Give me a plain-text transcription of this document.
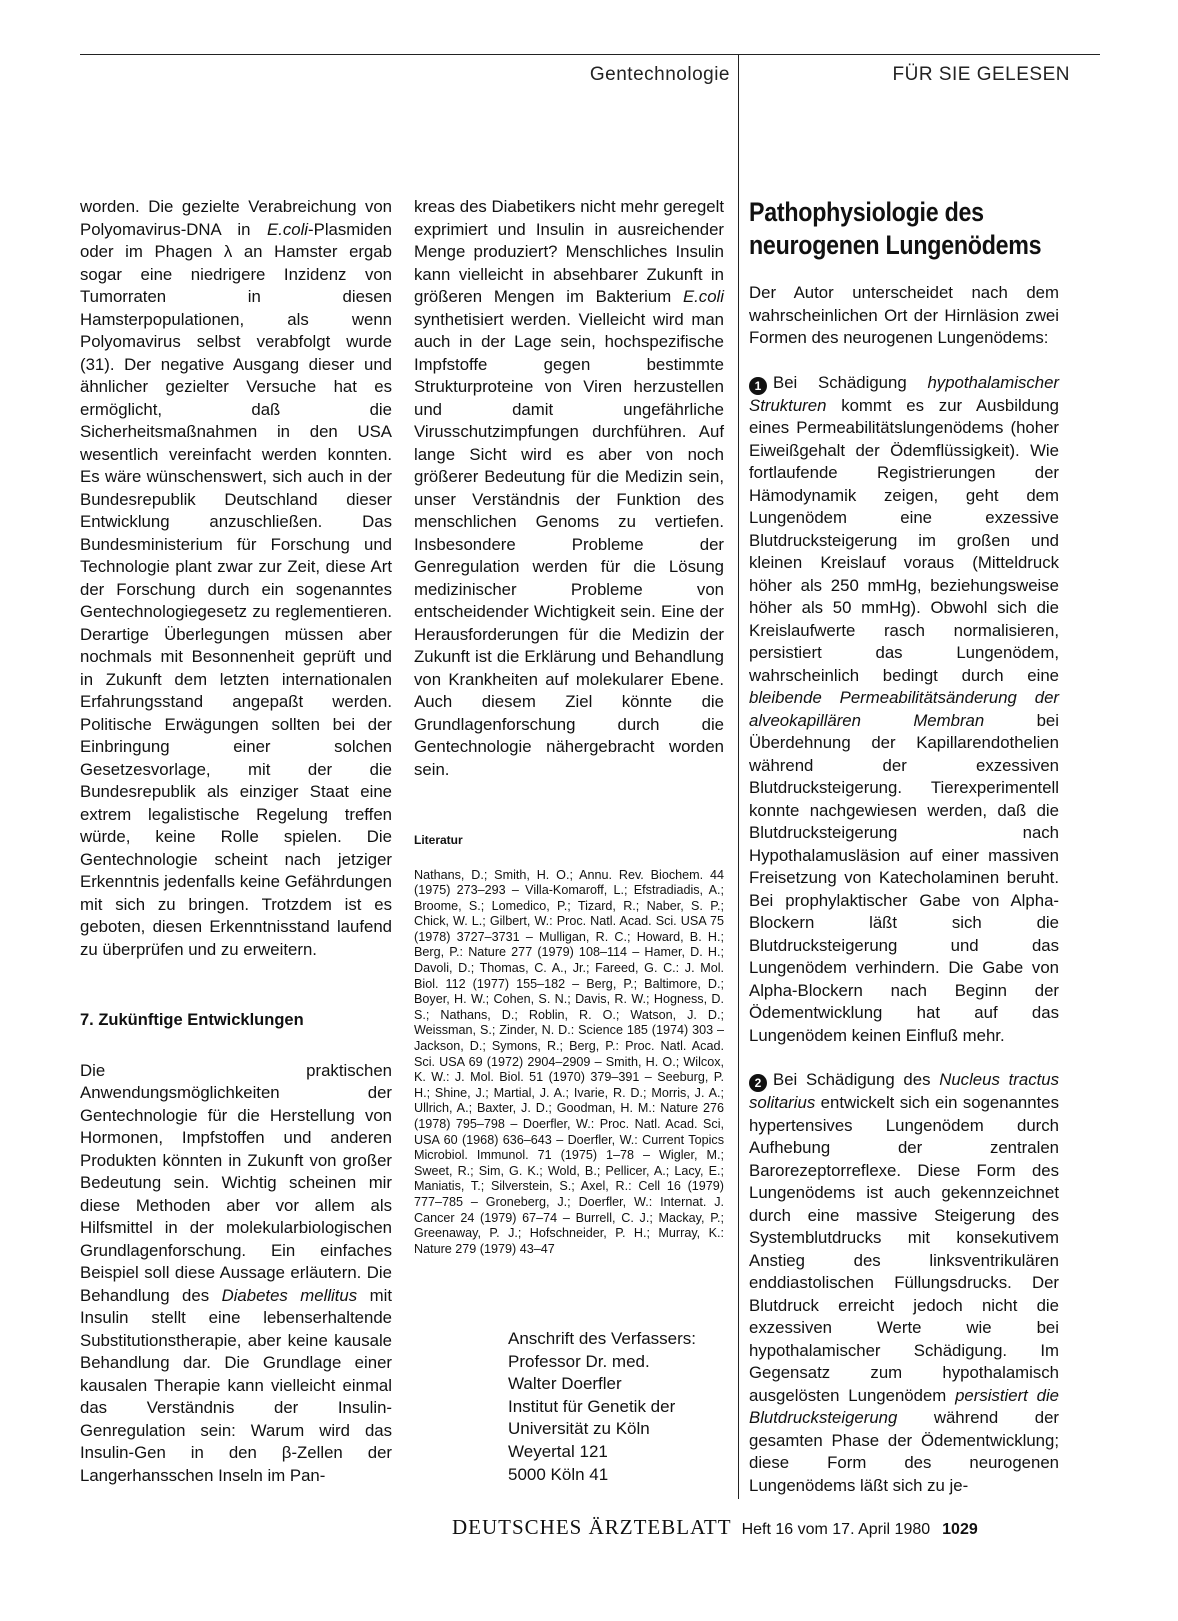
Gentechnologie	FÜR SIE GELESEN

worden. Die gezielte Verabreichung von Polyomavirus-DNA in E.coli-Plasmiden oder im Phagen λ an Hamster ergab sogar eine niedrigere Inzidenz von Tumorraten in diesen Hamsterpopulationen, als wenn Polyomavirus selbst verabfolgt wurde (31). Der negative Ausgang dieser und ähnlicher gezielter Versuche hat es ermöglicht, daß die Sicherheitsmaßnahmen in den USA wesentlich vereinfacht werden konnten. Es wäre wünschenswert, sich auch in der Bundesrepublik Deutschland dieser Entwicklung anzuschließen. Das Bundesministerium für Forschung und Technologie plant zwar zur Zeit, diese Art der Forschung durch ein sogenanntes Gentechnologiegesetz zu reglementieren. Derartige Überlegungen müssen aber nochmals mit Besonnenheit geprüft und in Zukunft dem letzten internationalen Erfahrungsstand angepaßt werden. Politische Erwägungen sollten bei der Einbringung einer solchen Gesetzesvorlage, mit der die Bundesrepublik als einziger Staat eine extrem legalistische Regelung treffen würde, keine Rolle spielen. Die Gentechnologie scheint nach jetziger Erkenntnis jedenfalls keine Gefährdungen mit sich zu bringen. Trotzdem ist es geboten, diesen Erkenntnisstand laufend zu überprüfen und zu erweitern.

7. Zukünftige Entwicklungen

Die praktischen Anwendungsmöglichkeiten der Gentechnologie für die Herstellung von Hormonen, Impfstoffen und anderen Produkten könnten in Zukunft von großer Bedeutung sein. Wichtig scheinen mir diese Methoden aber vor allem als Hilfsmittel in der molekularbiologischen Grundlagenforschung. Ein einfaches Beispiel soll diese Aussage erläutern. Die Behandlung des Diabetes mellitus mit Insulin stellt eine lebenserhaltende Substitutionstherapie, aber keine kausale Behandlung dar. Die Grundlage einer kausalen Therapie kann vielleicht einmal das Verständnis der Insulin-Genregulation sein: Warum wird das Insulin-Gen in den β-Zellen der Langerhansschen Inseln im Pan-

kreas des Diabetikers nicht mehr geregelt exprimiert und Insulin in ausreichender Menge produziert? Menschliches Insulin kann vielleicht in absehbarer Zukunft in größeren Mengen im Bakterium E.coli synthetisiert werden. Vielleicht wird man auch in der Lage sein, hochspezifische Impfstoffe gegen bestimmte Strukturproteine von Viren herzustellen und damit ungefährliche Virusschutzimpfungen durchführen. Auf lange Sicht wird es aber von noch größerer Bedeutung für die Medizin sein, unser Verständnis der Funktion des menschlichen Genoms zu vertiefen. Insbesondere Probleme der Genregulation werden für die Lösung medizinischer Probleme von entscheidender Wichtigkeit sein. Eine der Herausforderungen für die Medizin der Zukunft ist die Erklärung und Behandlung von Krankheiten auf molekularer Ebene. Auch diesem Ziel könnte die Grundlagenforschung durch die Gentechnologie nähergebracht worden sein.

Literatur

Nathans, D.; Smith, H. O.; Annu. Rev. Biochem. 44 (1975) 273–293 – Villa-Komaroff, L.; Efstradiadis, A.; Broome, S.; Lomedico, P.; Tizard, R.; Naber, S. P.; Chick, W. L.; Gilbert, W.: Proc. Natl. Acad. Sci. USA 75 (1978) 3727–3731 – Mulligan, R. C.; Howard, B. H.; Berg, P.: Nature 277 (1979) 108–114 – Hamer, D. H.; Davoli, D.; Thomas, C. A., Jr.; Fareed, G. C.: J. Mol. Biol. 112 (1977) 155–182 – Berg, P.; Baltimore, D.; Boyer, H. W.; Cohen, S. N.; Davis, R. W.; Hogness, D. S.; Nathans, D.; Roblin, R. O.; Watson, J. D.; Weissman, S.; Zinder, N. D.: Science 185 (1974) 303 – Jackson, D.; Symons, R.; Berg, P.: Proc. Natl. Acad. Sci. USA 69 (1972) 2904–2909 – Smith, H. O.; Wilcox, K. W.: J. Mol. Biol. 51 (1970) 379–391 – Seeburg, P. H.; Shine, J.; Martial, J. A.; Ivarie, R. D.; Morris, J. A.; Ullrich, A.; Baxter, J. D.; Goodman, H. M.: Nature 276 (1978) 795–798 – Doerfler, W.: Proc. Natl. Acad. Sci, USA 60 (1968) 636–643 – Doerfler, W.: Current Topics Microbiol. Immunol. 71 (1975) 1–78 – Wigler, M.; Sweet, R.; Sim, G. K.; Wold, B.; Pellicer, A.; Lacy, E.; Maniatis, T.; Silverstein, S.; Axel, R.: Cell 16 (1979) 777–785 – Groneberg, J.; Doerfler, W.: Internat. J. Cancer 24 (1979) 67–74 – Burrell, C. J.; Mackay, P.; Greenaway, P. J.; Hofschneider, P. H.; Murray, K.: Nature 279 (1979) 43–47

Anschrift des Verfassers:
Professor Dr. med.
Walter Doerfler
Institut für Genetik der
Universität zu Köln
Weyertal 121
5000 Köln 41

Pathophysiologie des neurogenen Lungenödems

Der Autor unterscheidet nach dem wahrscheinlichen Ort der Hirnläsion zwei Formen des neurogenen Lungenödems:

1 Bei Schädigung hypothalamischer Strukturen kommt es zur Ausbildung eines Permeabilitätslungenödems (hoher Eiweißgehalt der Ödemflüssigkeit). Wie fortlaufende Registrierungen der Hämodynamik zeigen, geht dem Lungenödem eine exzessive Blutdrucksteigerung im großen und kleinen Kreislauf voraus (Mitteldruck höher als 250 mmHg, beziehungsweise höher als 50 mmHg). Obwohl sich die Kreislaufwerte rasch normalisieren, persistiert das Lungenödem, wahrscheinlich bedingt durch eine bleibende Permeabilitätsänderung der alveokapillären Membran bei Überdehnung der Kapillarendothelien während der exzessiven Blutdrucksteigerung. Tierexperimentell konnte nachgewiesen werden, daß die Blutdrucksteigerung nach Hypothalamusläsion auf einer massiven Freisetzung von Katecholaminen beruht. Bei prophylaktischer Gabe von Alpha-Blockern läßt sich die Blutdrucksteigerung und das Lungenödem verhindern. Die Gabe von Alpha-Blockern nach Beginn der Ödementwicklung hat auf das Lungenödem keinen Einfluß mehr.

2 Bei Schädigung des Nucleus tractus solitarius entwickelt sich ein sogenanntes hypertensives Lungenödem durch Aufhebung der zentralen Barorezeptorreflexe. Diese Form des Lungenödems ist auch gekennzeichnet durch eine massive Steigerung des Systemblutdrucks mit konsekutivem Anstieg des linksventrikulären enddiastolischen Füllungsdrucks. Der Blutdruck erreicht jedoch nicht die exzessiven Werte wie bei hypothalamischer Schädigung. Im Gegensatz zum hypothalamisch ausgelösten Lungenödem persistiert die Blutdrucksteigerung während der gesamten Phase der Ödementwicklung; diese Form des neurogenen Lungenödems läßt sich zu je-

DEUTSCHES ÄRZTEBLATT Heft 16 vom 17. April 1980 1029
